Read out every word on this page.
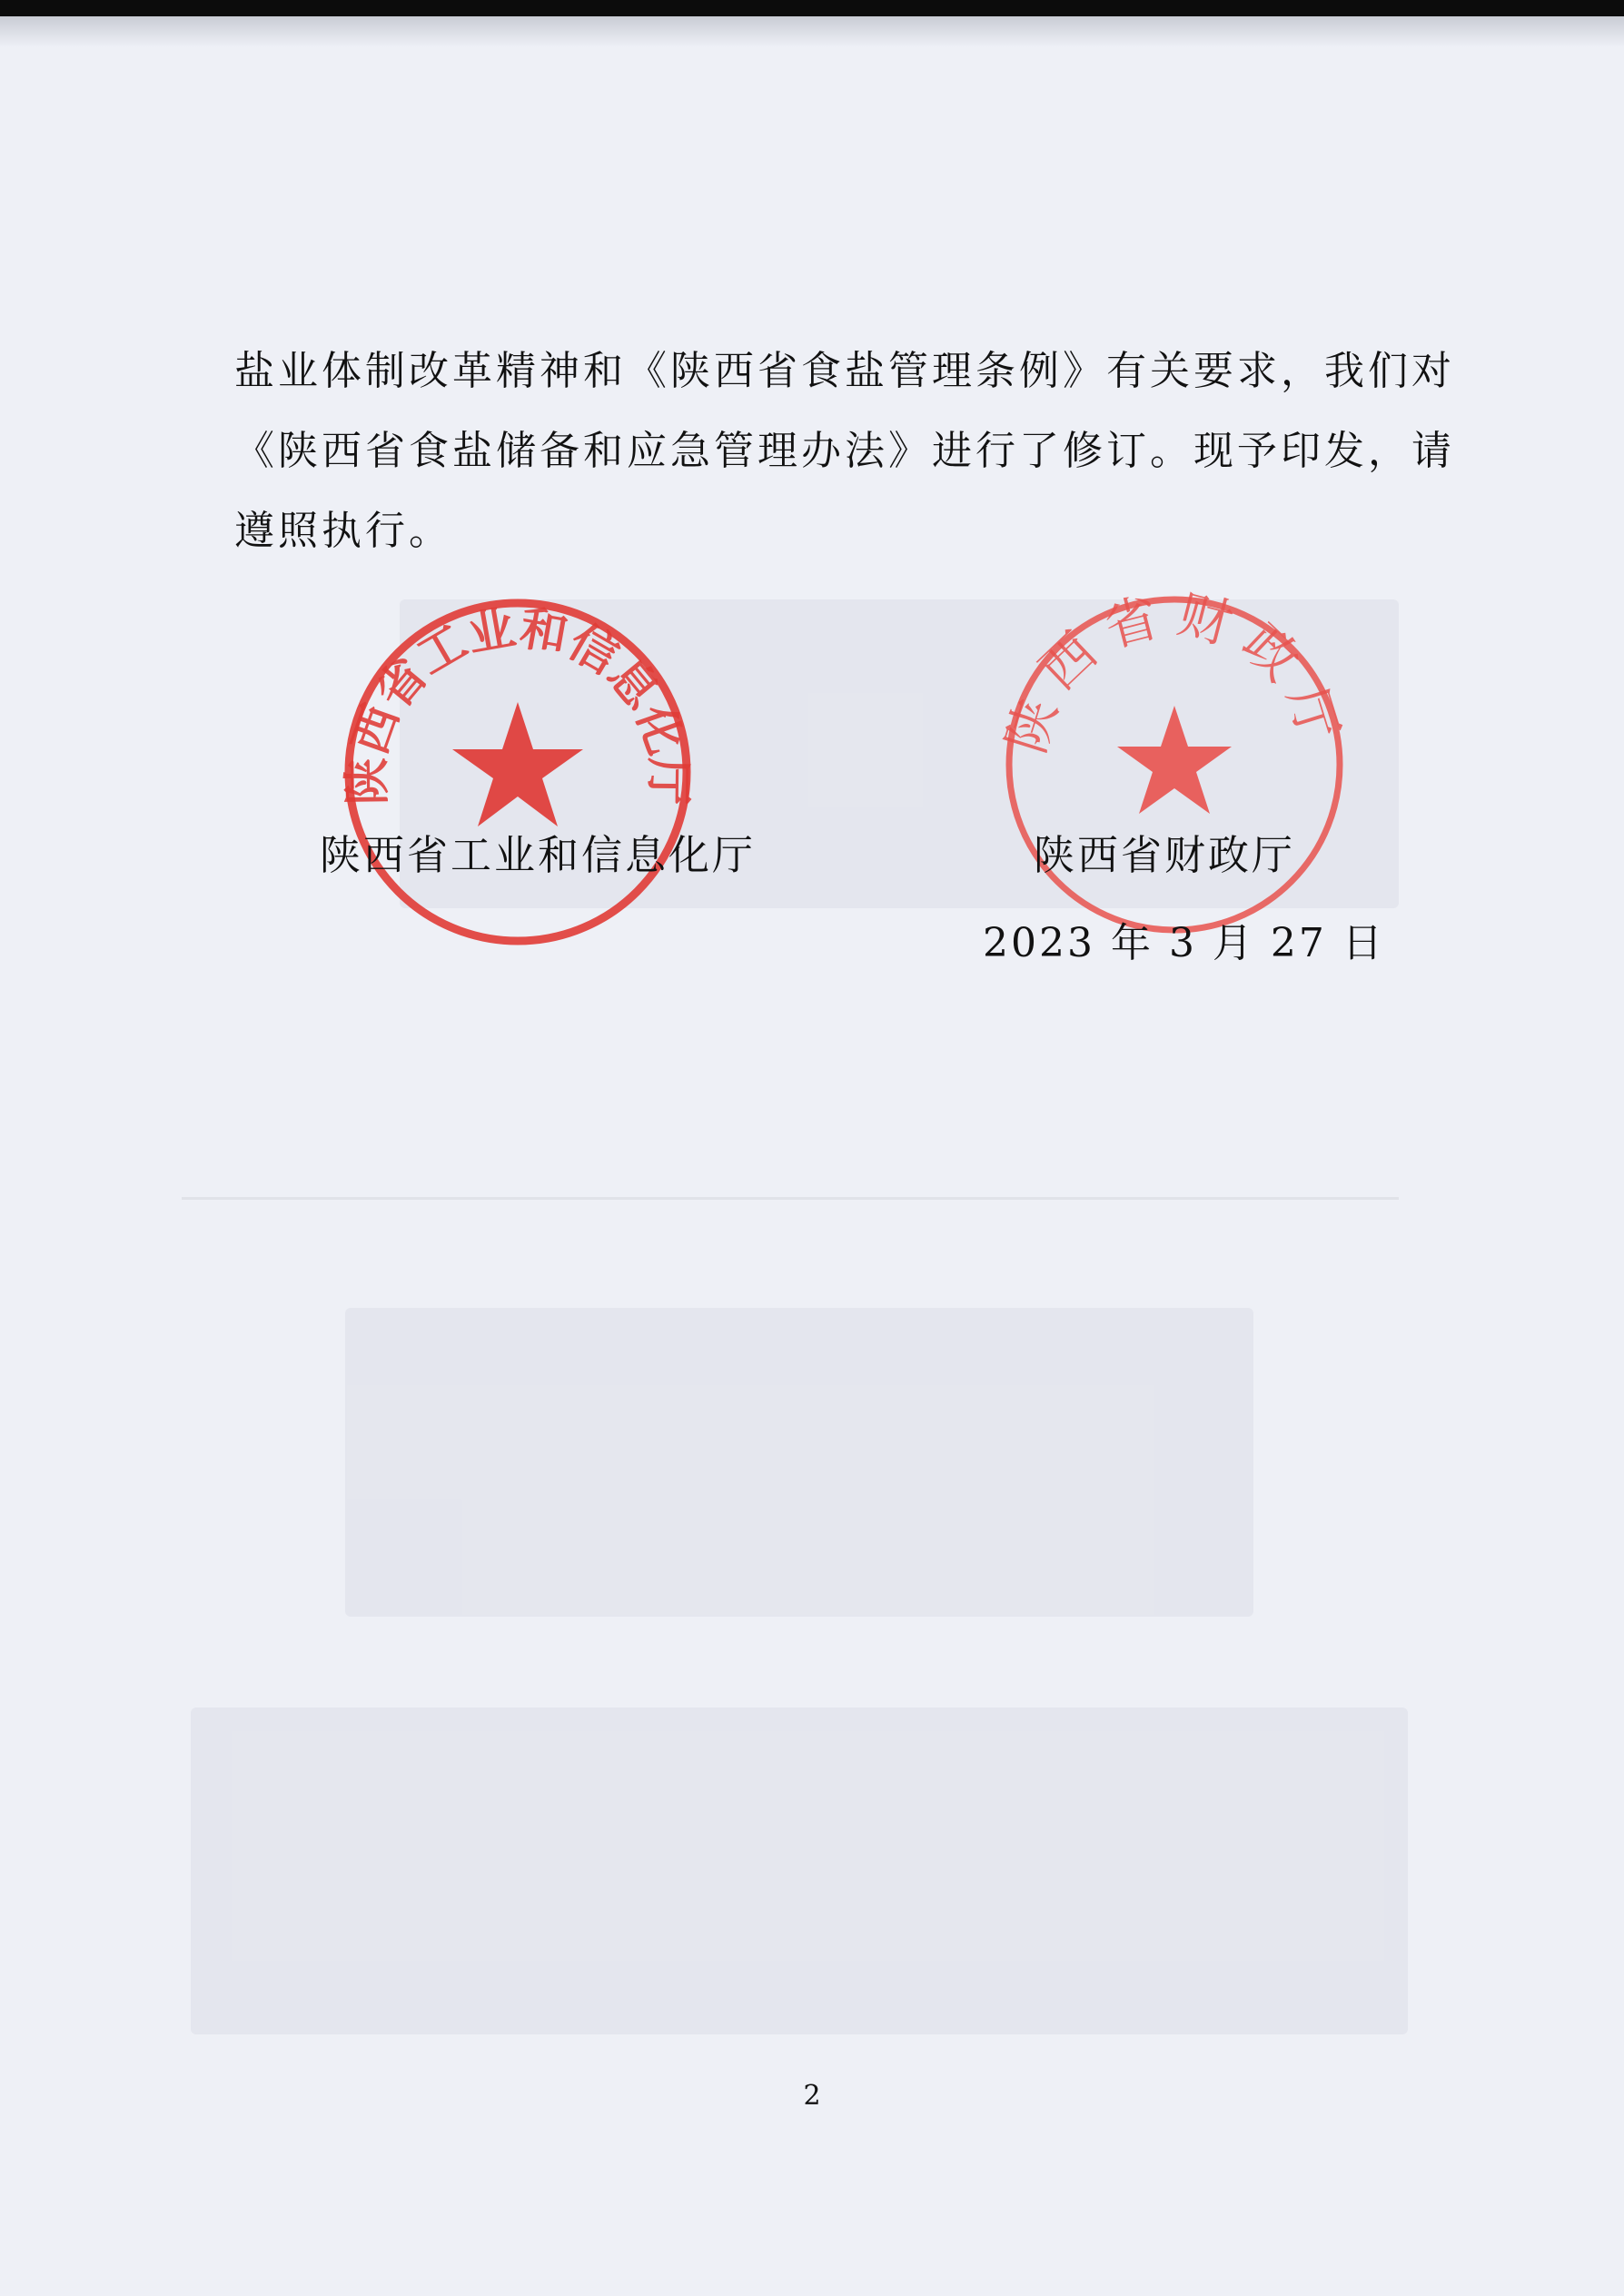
盐业体制改革精神和《陕西省食盐管理条例》有关要求，我们对
《陕西省食盐储备和应急管理办法》进行了修订。现予印发，请
遵照执行。
陕西省工业和信息化厅
陕西省财政厅
陕西省工业和信息化厅	陕西省财政厅
2023 年 3 月 27 日
2
